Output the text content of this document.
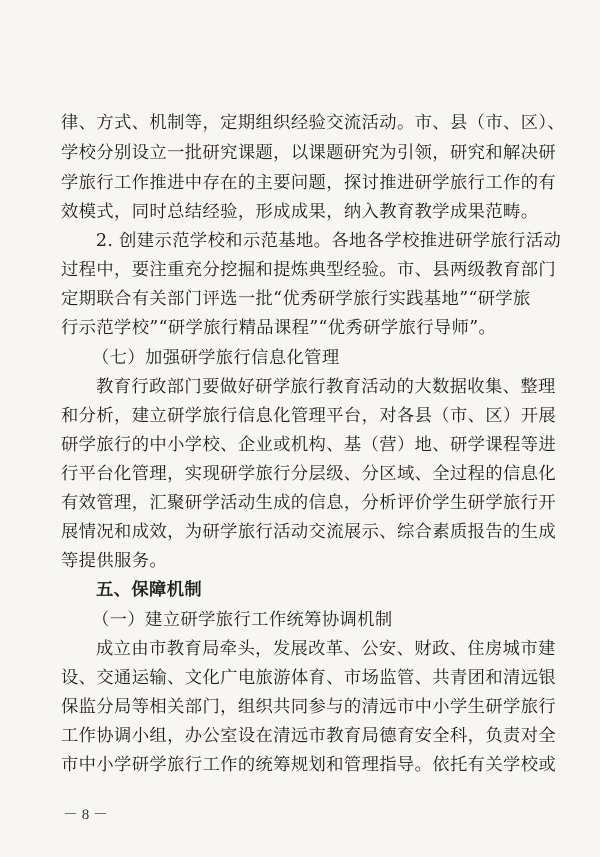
律、方式、机制等，定期组织经验交流活动。市、县（市、区）、
学校分别设立一批研究课题，以课题研究为引领，研究和解决研
学旅行工作推进中存在的主要问题，探讨推进研学旅行工作的有
效模式，同时总结经验，形成成果，纳入教育教学成果范畴。
2. 创建示范学校和示范基地。各地各学校推进研学旅行活动
过程中，要注重充分挖掘和提炼典型经验。市、县两级教育部门
定期联合有关部门评选一批“优秀研学旅行实践基地”“研学旅
行示范学校”“研学旅行精品课程”“优秀研学旅行导师”。
（七）加强研学旅行信息化管理
教育行政部门要做好研学旅行教育活动的大数据收集、整理
和分析，建立研学旅行信息化管理平台，对各县（市、区）开展
研学旅行的中小学校、企业或机构、基（营）地、研学课程等进
行平台化管理，实现研学旅行分层级、分区域、全过程的信息化
有效管理，汇聚研学活动生成的信息，分析评价学生研学旅行开
展情况和成效，为研学旅行活动交流展示、综合素质报告的生成
等提供服务。
五、保障机制
（一）建立研学旅行工作统筹协调机制
成立由市教育局牵头，发展改革、公安、财政、住房城市建
设、交通运输、文化广电旅游体育、市场监管、共青团和清远银
保监分局等相关部门，组织共同参与的清远市中小学生研学旅行
工作协调小组，办公室设在清远市教育局德育安全科，负责对全
市中小学研学旅行工作的统筹规划和管理指导。依托有关学校或
－ 8 －
